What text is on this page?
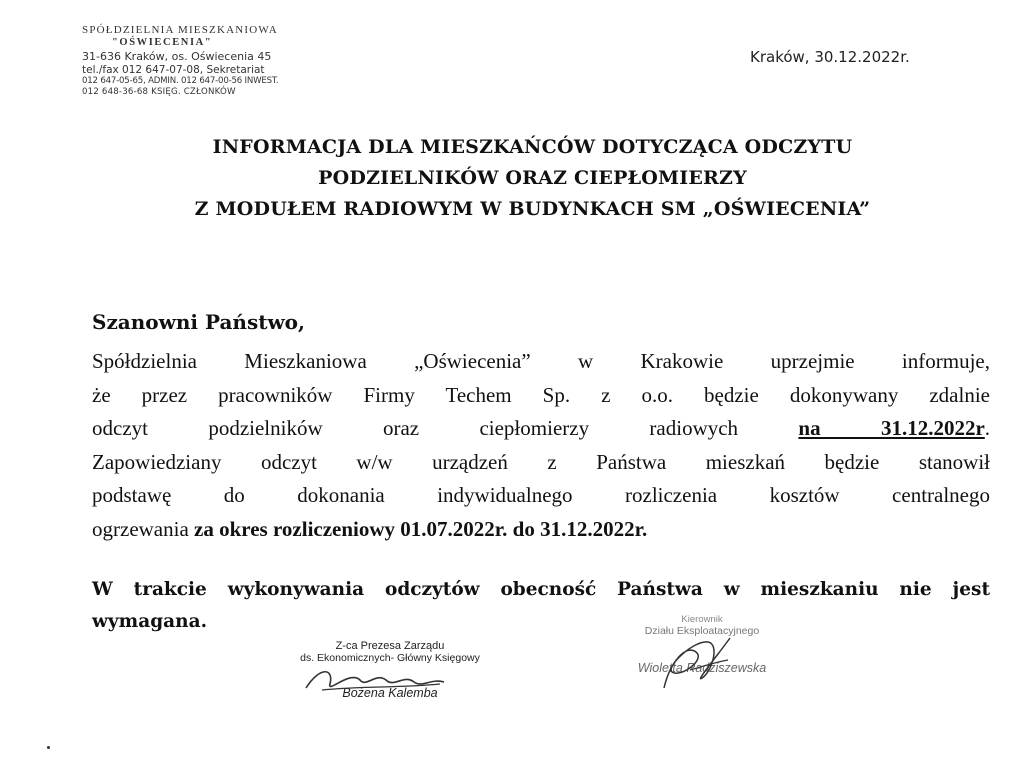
SPÓŁDZIELNIA MIESZKANIOWA
"OŚWIECENIA"
31-636 Kraków, os. Oświecenia 45
tel./fax 012 647-07-08, Sekretariat
012 647-05-65, ADMIN. 012 647-00-56 INWEST.
012 648-36-68 KSIĘG. CZŁONKÓW
Kraków, 30.12.2022r.
INFORMACJA DLA MIESZKAŃCÓW DOTYCZĄCA ODCZYTU
PODZIELNIKÓW ORAZ CIEPŁOMIERZY
Z MODUŁEM RADIOWYM W BUDYNKACH SM „OŚWIECENIA”
Szanowni Państwo,

Spółdzielnia Mieszkaniowa „Oświecenia” w Krakowie uprzejmie informuje,

że przez pracowników Firmy Techem Sp. z o.o. będzie dokonywany zdalnie

odczyt podzielników oraz ciepłomierzy radiowych	na 31.12.2022r.

Zapowiedziany odczyt w/w urządzeń z Państwa mieszkań będzie stanowił

podstawę do dokonania indywidualnego rozliczenia kosztów centralnego

ogrzewania za okres rozliczeniowy 01.07.2022r. do 31.12.2022r.

W trakcie wykonywania odczytów obecność Państwa w mieszkaniu nie jest

wymagana.

Z-ca Prezesa Zarządu
ds. Ekonomicznych- Główny Księgowy
Bożena Kalemba
Kierownik
Działu Eksploatacyjnego
Wioletta Radziszewska
